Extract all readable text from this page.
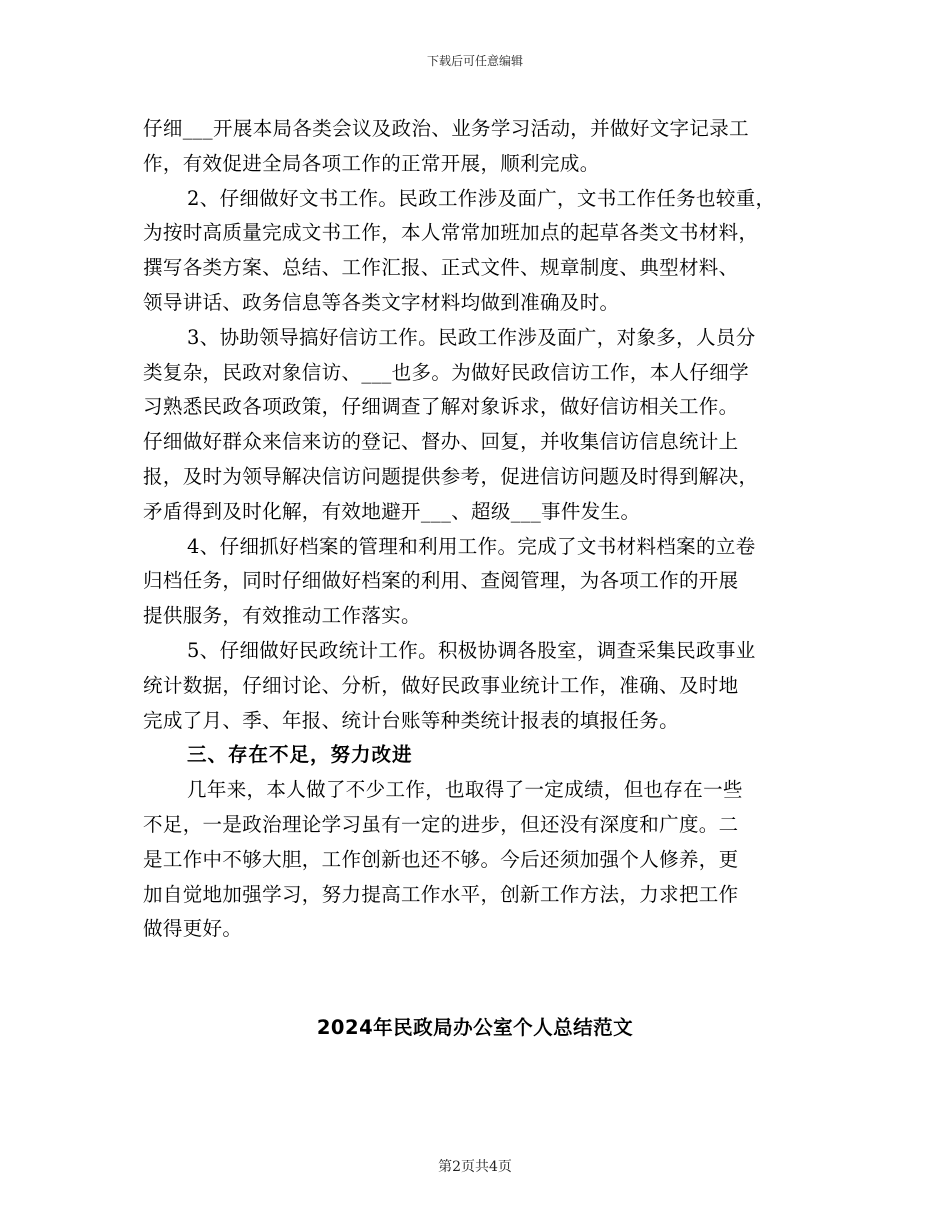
下载后可任意编辑
仔细___开展本局各类会议及政治、业务学习活动，并做好文字记录工
作，有效促进全局各项工作的正常开展，顺利完成。
2、仔细做好文书工作。民政工作涉及面广，文书工作任务也较重，
为按时高质量完成文书工作，本人常常加班加点的起草各类文书材料，
撰写各类方案、总结、工作汇报、正式文件、规章制度、典型材料、
领导讲话、政务信息等各类文字材料均做到准确及时。
3、协助领导搞好信访工作。民政工作涉及面广，对象多，人员分
类复杂，民政对象信访、___也多。为做好民政信访工作，本人仔细学
习熟悉民政各项政策，仔细调查了解对象诉求，做好信访相关工作。
仔细做好群众来信来访的登记、督办、回复，并收集信访信息统计上
报，及时为领导解决信访问题提供参考，促进信访问题及时得到解决，
矛盾得到及时化解，有效地避开___、超级___事件发生。
4、仔细抓好档案的管理和利用工作。完成了文书材料档案的立卷
归档任务，同时仔细做好档案的利用、查阅管理，为各项工作的开展
提供服务，有效推动工作落实。
5、仔细做好民政统计工作。积极协调各股室，调查采集民政事业
统计数据，仔细讨论、分析，做好民政事业统计工作，准确、及时地
完成了月、季、年报、统计台账等种类统计报表的填报任务。
三、存在不足，努力改进
几年来，本人做了不少工作，也取得了一定成绩，但也存在一些
不足，一是政治理论学习虽有一定的进步，但还没有深度和广度。二
是工作中不够大胆，工作创新也还不够。今后还须加强个人修养，更
加自觉地加强学习，努力提高工作水平，创新工作方法，力求把工作
做得更好。
2024年民政局办公室个人总结范文
第2页共4页
